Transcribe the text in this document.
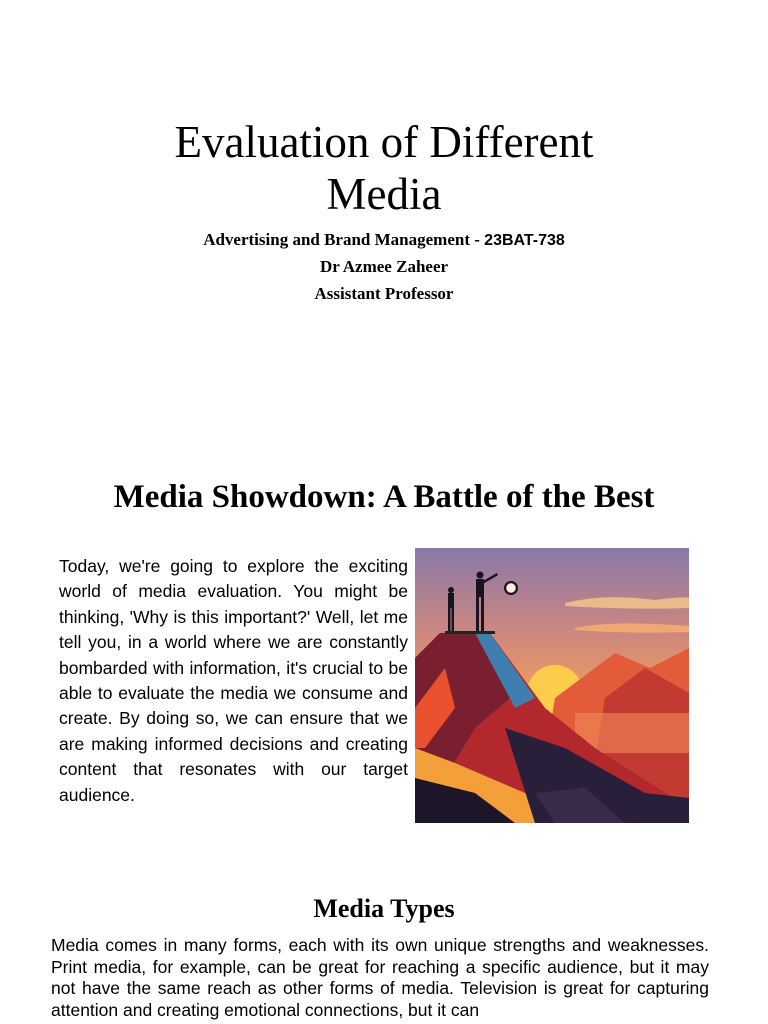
Evaluation of Different
Media

Advertising and Brand Management - 23BAT-738

Dr Azmee Zaheer

Assistant Professor

Media Showdown: A Battle of the Best

Today, we're going to explore the exciting world of media evaluation. You might be thinking, 'Why is this important?' Well, let me tell you, in a world where we are constantly bombarded with information, it's crucial to be able to evaluate the media we consume and create. By doing so, we can ensure that we are making informed decisions and creating content that resonates with our target audience.

Media Types

Media comes in many forms, each with its own unique strengths and weaknesses. Print media, for example, can be great for reaching a specific audience, but it may not have the same reach as other forms of media. Television is great for capturing attention and creating emotional connections, but it can
